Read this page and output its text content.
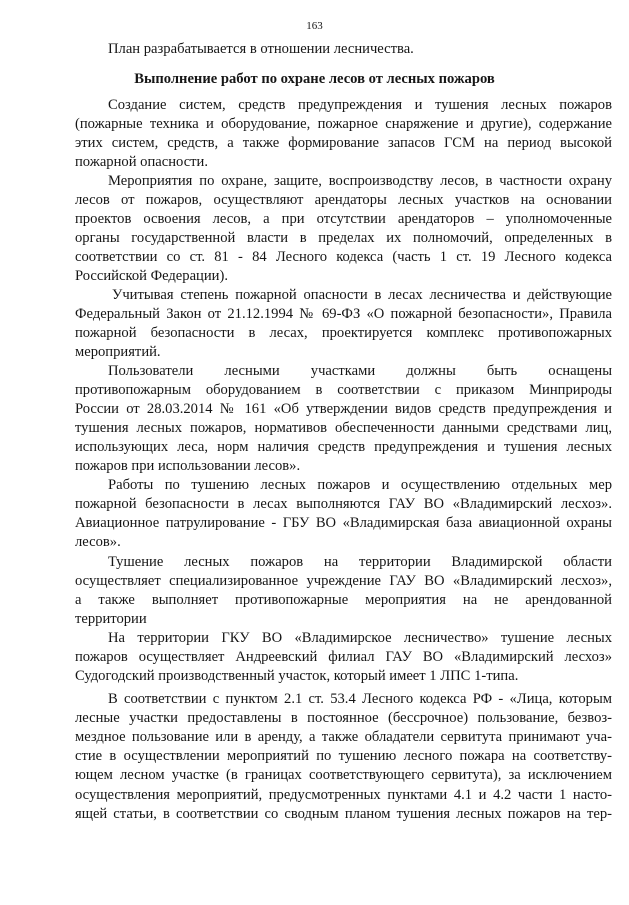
163
План разрабатывается в отношении лесничества.
Выполнение работ по охране лесов от лесных пожаров
Создание систем, средств предупреждения и тушения лесных пожаров
(пожарные техника и оборудование, пожарное снаряжение и другие), содержание
этих систем, средств, а также формирование запасов ГСМ на период высокой
пожарной опасности.
Мероприятия по охране, защите, воспроизводству лесов, в частности охрану
лесов от пожаров, осуществляют арендаторы лесных участков на основании
проектов освоения лесов, а при отсутствии арендаторов – уполномоченные
органы государственной власти в пределах их полномочий, определенных в
соответствии со ст. 81 - 84 Лесного кодекса (часть 1 ст. 19 Лесного кодекса
Российской Федерации).
Учитывая степень пожарной опасности в лесах лесничества и действующие
Федеральный Закон от 21.12.1994 № 69-ФЗ «О пожарной безопасности», Правила
пожарной безопасности в лесах, проектируется комплекс противопожарных
мероприятий.
Пользователи лесными участками должны быть оснащены
противопожарным оборудованием в соответствии с приказом Минприроды
России от 28.03.2014 № 161 «Об утверждении видов средств предупреждения и
тушения лесных пожаров, нормативов обеспеченности данными средствами лиц,
использующих леса, норм наличия средств предупреждения и тушения лесных
пожаров при использовании лесов».
Работы по тушению лесных пожаров и осуществлению отдельных мер
пожарной безопасности в лесах выполняются ГАУ ВО «Владимирский лесхоз».
Авиационное патрулирование - ГБУ ВО «Владимирская база авиационной охраны
лесов».
Тушение лесных пожаров на территории Владимирской области
осуществляет специализированное учреждение ГАУ ВО «Владимирский лесхоз»,
а также выполняет противопожарные мероприятия на не арендованной
территории
На территории ГКУ ВО «Владимирское лесничество» тушение лесных
пожаров осуществляет Андреевский филиал ГАУ ВО «Владимирский лесхоз»
Судогодский производственный участок, который имеет 1 ЛПС 1-типа.
В соответствии с пунктом 2.1 ст. 53.4 Лесного кодекса РФ - «Лица, которым
лесные участки предоставлены в постоянное (бессрочное) пользование, безвоз-
мездное пользование или в аренду, а также обладатели сервитута принимают уча-
стие в осуществлении мероприятий по тушению лесного пожара на соответству-
ющем лесном участке (в границах соответствующего сервитута), за исключением
осуществления мероприятий, предусмотренных пунктами 4.1 и 4.2 части 1 насто-
ящей статьи, в соответствии со сводным планом тушения лесных пожаров на тер-
